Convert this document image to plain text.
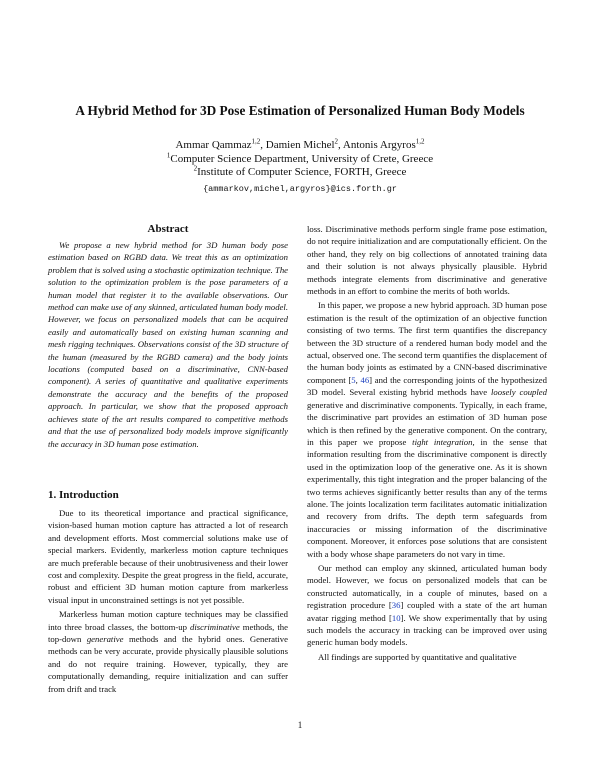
A Hybrid Method for 3D Pose Estimation of Personalized Human Body Models
Ammar Qammaz$^{1,2}$, Damien Michel$^2$, Antonis Argyros$^{1,2}$
$^1$Computer Science Department, University of Crete, Greece
$^2$Institute of Computer Science, FORTH, Greece
{ammarkov,michel,argyros}@ics.forth.gr
Abstract

We propose a new hybrid method for 3D human body pose estimation based on RGBD data. We treat this as an optimization problem that is solved using a stochastic optimization technique. The solution to the optimization problem is the pose parameters of a human model that register it to the available observations. Our method can make use of any skinned, articulated human body model. However, we focus on personalized models that can be acquired easily and automatically based on existing human scanning and mesh rigging techniques. Observations consist of the 3D structure of the human (measured by the RGBD camera) and the body joints locations (computed based on a discriminative, CNN-based component). A series of quantitative and qualitative experiments demonstrate the accuracy and the benefits of the proposed approach. In particular, we show that the proposed approach achieves state of the art results compared to competitive methods and that the use of personalized body models improve significantly the accuracy in 3D human pose estimation.

1. Introduction

Due to its theoretical importance and practical significance, vision-based human motion capture has attracted a lot of research and development efforts. Most commercial solutions make use of special markers. Evidently, markerless motion capture techniques are much preferable because of their unobtrusiveness and their lower cost and complexity. Despite the great progress in the field, accurate, robust and efficient 3D human motion capture from markerless visual input in unconstrained settings is not yet possible.

Markerless human motion capture techniques may be classified into three broad classes, the bottom-up discriminative methods, the top-down generative methods and the hybrid ones. Generative methods can be very accurate, provide physically plausible solutions and do not require training. However, typically, they are computationally demanding, require initialization and can suffer from drift and track

loss. Discriminative methods perform single frame pose estimation, do not require initialization and are computationally efficient. On the other hand, they rely on big collections of annotated training data and their solution is not always physically plausible. Hybrid methods integrate elements from discriminative and generative methods in an effort to combine the merits of both worlds.

In this paper, we propose a new hybrid approach. 3D human pose estimation is the result of the optimization of an objective function consisting of two terms. The first term quantifies the discrepancy between the 3D structure of a rendered human body model and the actual, observed one. The second term quantifies the displacement of the human body joints as estimated by a CNN-based discriminative component [5, 46] and the corresponding joints of the hypothesized 3D model. Several existing hybrid methods have loosely coupled generative and discriminative components. Typically, in each frame, the discriminative part provides an estimation of 3D human pose which is then refined by the generative component. On the contrary, in this paper we propose tight integration, in the sense that information resulting from the discriminative component is directly used in the optimization loop of the generative one. As it is shown experimentally, this tight integration and the proper balancing of the two terms achieves significantly better results than any of the terms alone. The joints localization term facilitates automatic initialization and recovery from drifts. The depth term safeguards from inaccuracies or missing information of the discriminative component. Moreover, it enforces pose solutions that are consistent with a body whose shape parameters do not vary in time.

Our method can employ any skinned, articulated human body model. However, we focus on personalized models that can be constructed automatically, in a couple of minutes, based on a registration procedure [36] coupled with a state of the art human avatar rigging method [10]. We show experimentally that by using such models the accuracy in tracking can be improved over using generic human body models.

All findings are supported by quantitative and qualitative

1
